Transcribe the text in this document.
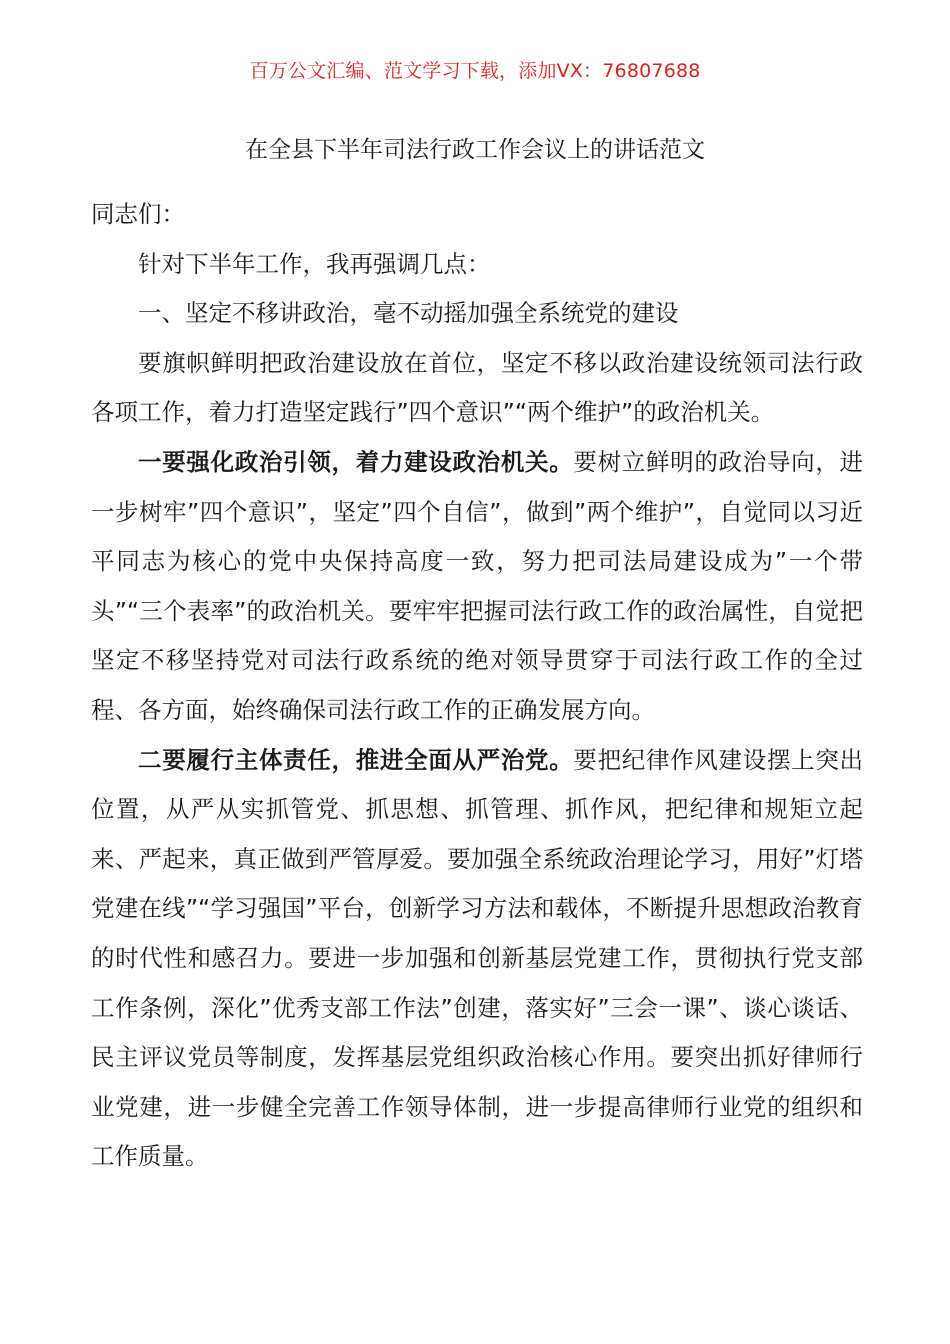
百万公文汇编、范文学习下载，添加VX：76807688
在全县下半年司法行政工作会议上的讲话范文

同志们：

针对下半年工作，我再强调几点：

一、坚定不移讲政治，毫不动摇加强全系统党的建设

要旗帜鲜明把政治建设放在首位，坚定不移以政治建设统领司法行政各项工作，着力打造坚定践行”四个意识”“两个维护”的政治机关。

一要强化政治引领，着力建设政治机关。要树立鲜明的政治导向，进一步树牢”四个意识”，坚定”四个自信”，做到”两个维护”，自觉同以习近平同志为核心的党中央保持高度一致，努力把司法局建设成为”一个带头”“三个表率”的政治机关。要牢牢把握司法行政工作的政治属性，自觉把坚定不移坚持党对司法行政系统的绝对领导贯穿于司法行政工作的全过程、各方面，始终确保司法行政工作的正确发展方向。

二要履行主体责任，推进全面从严治党。要把纪律作风建设摆上突出位置，从严从实抓管党、抓思想、抓管理、抓作风，把纪律和规矩立起来、严起来，真正做到严管厚爱。要加强全系统政治理论学习，用好”灯塔党建在线”“学习强国”平台，创新学习方法和载体，不断提升思想政治教育的时代性和感召力。要进一步加强和创新基层党建工作，贯彻执行党支部工作条例，深化”优秀支部工作法”创建，落实好”三会一课”、谈心谈话、民主评议党员等制度，发挥基层党组织政治核心作用。要突出抓好律师行业党建，进一步健全完善工作领导体制，进一步提高律师行业党的组织和工作质量。
